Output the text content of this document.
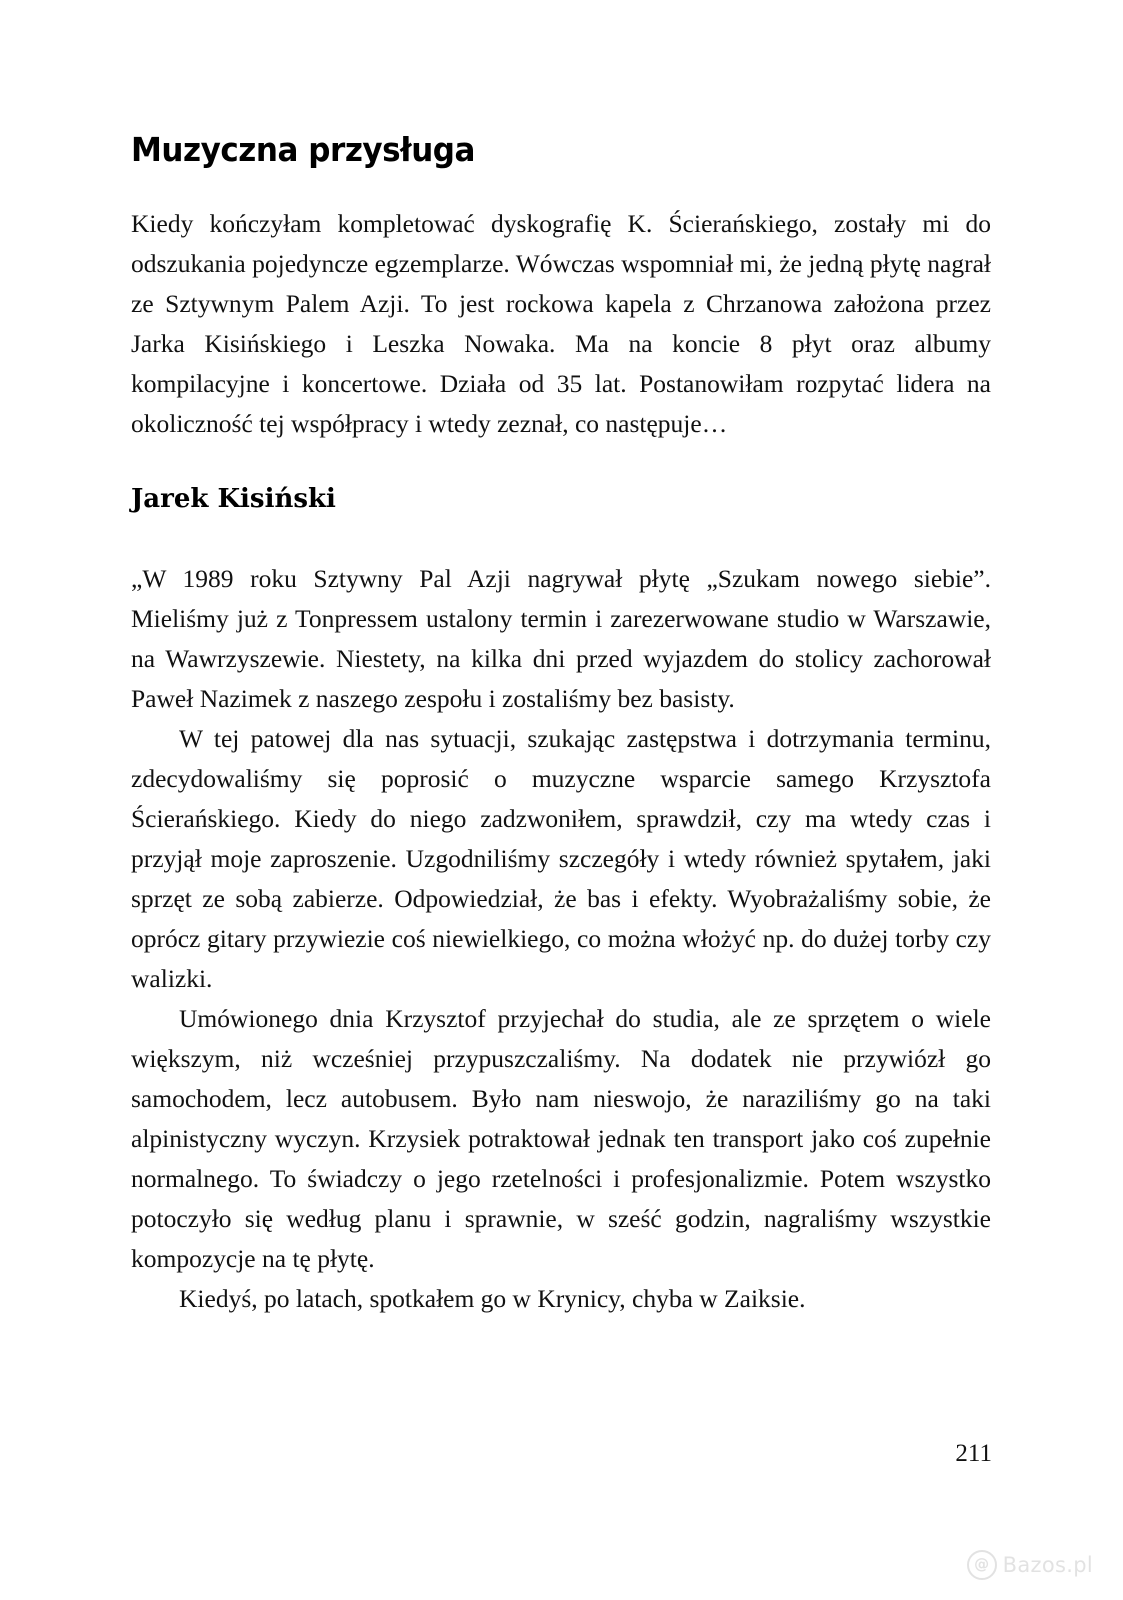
Muzyczna przysługa

Kiedy kończyłam kompletować dyskografię K. Ścierańskiego, zostały mi do odszukania pojedyncze egzemplarze. Wówczas wspomniał mi, że jedną płytę nagrał ze Sztywnym Palem Azji. To jest rockowa kapela z Chrzanowa założona przez Jarka Kisińskiego i Leszka Nowaka. Ma na koncie 8 płyt oraz albumy kompilacyjne i koncertowe. Działa od 35 lat. Postanowiłam rozpytać lidera na okoliczność tej współpracy i wtedy zeznał, co następuje…

Jarek Kisiński

„W 1989 roku Sztywny Pal Azji nagrywał płytę „Szukam nowego siebie”. Mieliśmy już z Tonpressem ustalony termin i zarezerwowane studio w Warszawie, na Wawrzyszewie. Niestety, na kilka dni przed wyjazdem do stolicy zachorował Paweł Nazimek z naszego zespołu i zostaliśmy bez basisty.

W tej patowej dla nas sytuacji, szukając zastępstwa i dotrzymania terminu, zdecydowaliśmy się poprosić o muzyczne wsparcie samego Krzysztofa Ścierańskiego. Kiedy do niego zadzwoniłem, sprawdził, czy ma wtedy czas i przyjął moje zaproszenie. Uzgodniliśmy szczegóły i wtedy również spytałem, jaki sprzęt ze sobą zabierze. Odpowiedział, że bas i efekty. Wyobrażaliśmy sobie, że oprócz gitary przywiezie coś niewielkiego, co można włożyć np. do dużej torby czy walizki.

Umówionego dnia Krzysztof przyjechał do studia, ale ze sprzętem o wiele większym, niż wcześniej przypuszczaliśmy. Na dodatek nie przywiózł go samochodem, lecz autobusem. Było nam nieswojo, że naraziliśmy go na taki alpinistyczny wyczyn. Krzysiek potraktował jednak ten transport jako coś zupełnie normalnego. To świadczy o jego rzetelności i profesjonalizmie. Potem wszystko potoczyło się według planu i sprawnie, w sześć godzin, nagraliśmy wszystkie kompozycje na tę płytę.

Kiedyś, po latach, spotkałem go w Krynicy, chyba w Zaiksie.

211
@ Bazos.pl
